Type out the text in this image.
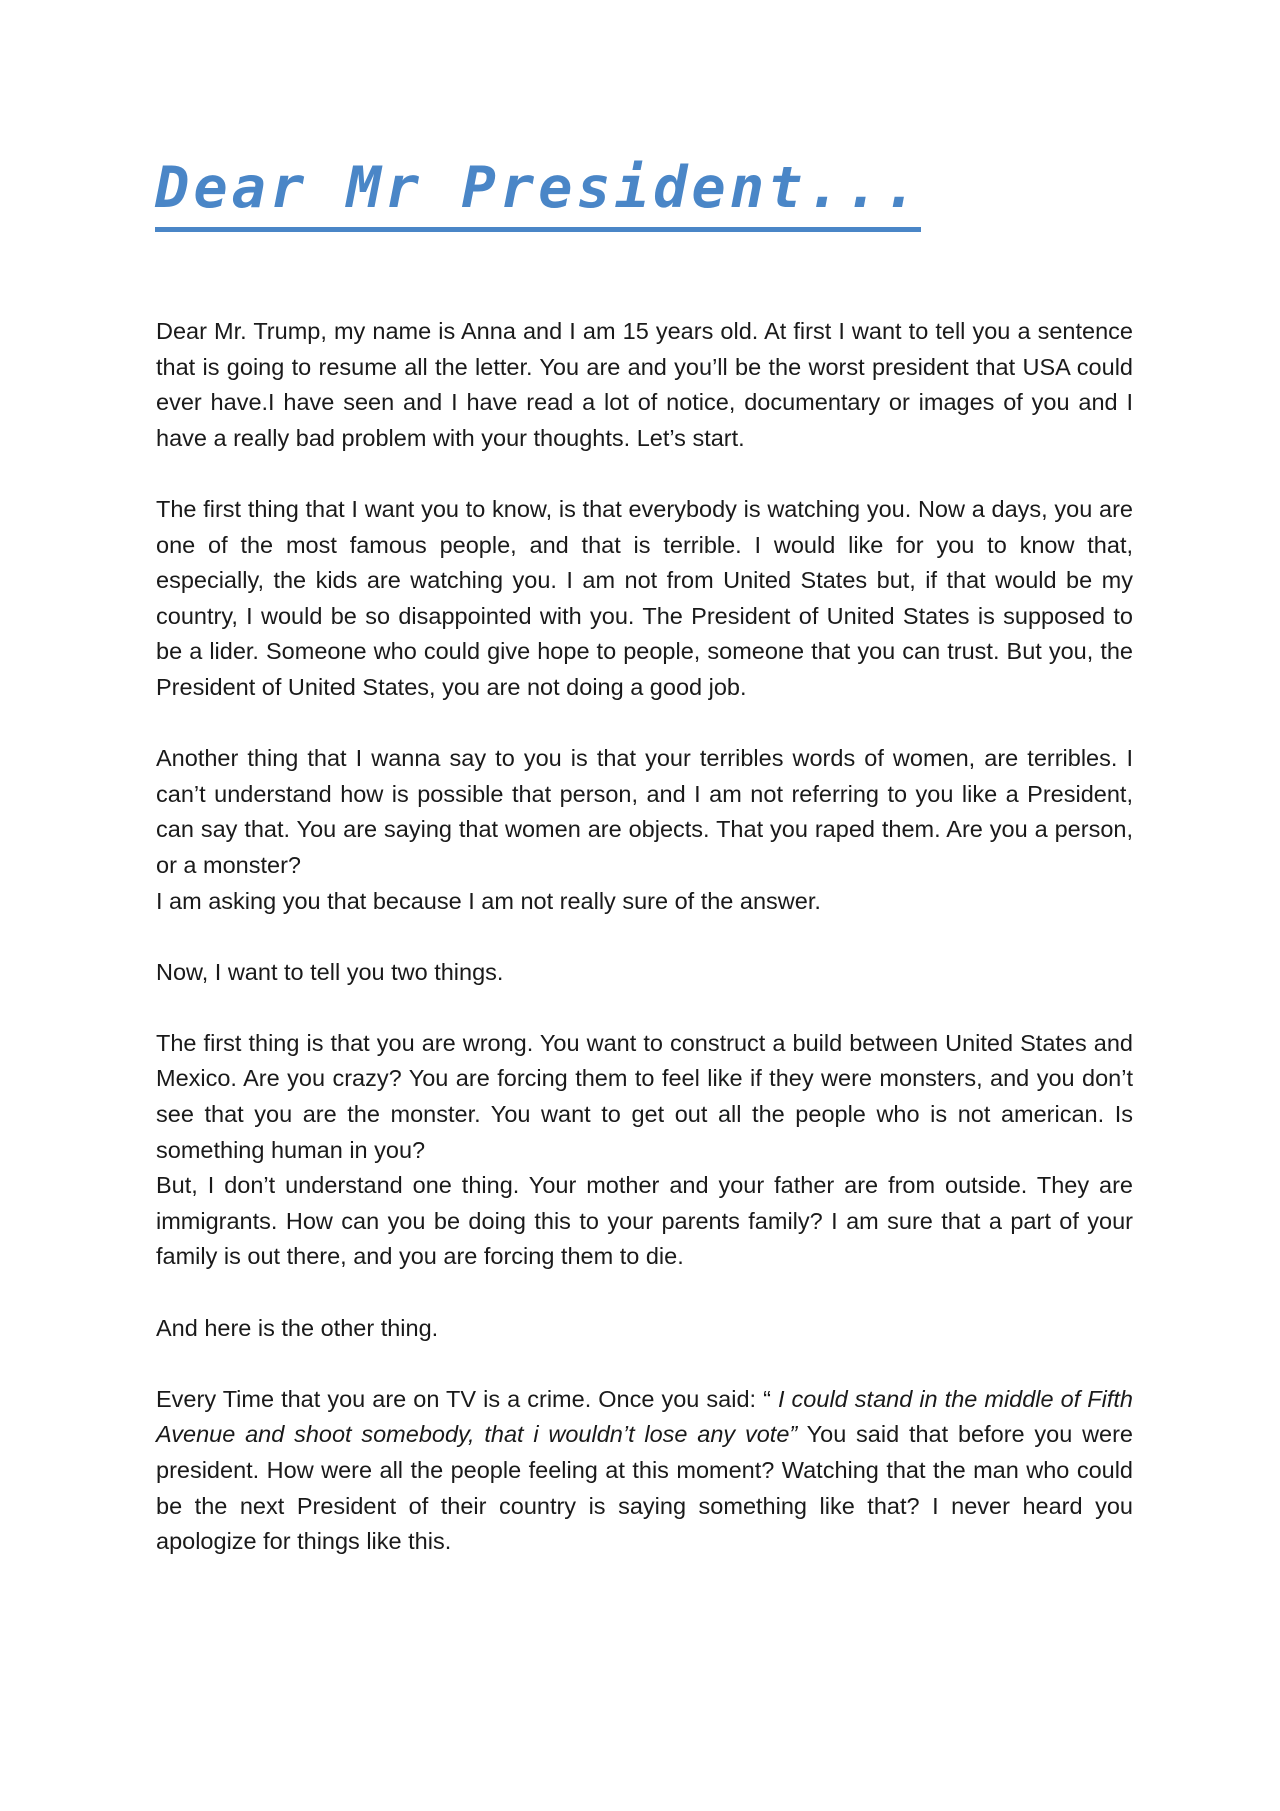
Dear Mr President...

Dear Mr. Trump, my name is Anna and I am 15 years old. At first I want to tell you a sentence that is going to resume all the letter. You are and you’ll be the worst president that USA could ever have.I have seen and I have read a lot of notice, documentary or images of you and I have a really bad problem with your thoughts. Let’s start.

The first thing that I want you to know, is that everybody is watching you. Now a days, you are one of the most famous people, and that is terrible. I would like for you to know that, especially, the kids are watching you. I am not from United States but, if that would be my country, I would be so disappointed with you. The President of United States is supposed to be a lider. Someone who could give hope to people, someone that you can trust. But you, the President of United States, you are not doing a good job.

Another thing that I wanna say to you is that your terribles words of women, are terribles. I can’t understand how is possible that person, and I am not referring to you like a President, can say that. You are saying that women are objects. That you raped them. Are you a person, or a monster?

I am asking you that because I am not really sure of the answer.

Now, I want to tell you two things.

The first thing is that you are wrong. You want to construct a build between United States and Mexico. Are you crazy? You are forcing them to feel like if they were monsters, and you don’t see that you are the monster. You want to get out all the people who is not american. Is something human in you?

But, I don’t understand one thing. Your mother and your father are from outside. They are immigrants. How can you be doing this to your parents family? I am sure that a part of your family is out there, and you are forcing them to die.

And here is the other thing.

Every Time that you are on TV is a crime. Once you said: “ I could stand in the middle of Fifth Avenue and shoot somebody, that i wouldn’t lose any vote” You said that before you were president. How were all the people feeling at this moment? Watching that the man who could be the next President of their country is saying something like that? I never heard you apologize for things like this.
